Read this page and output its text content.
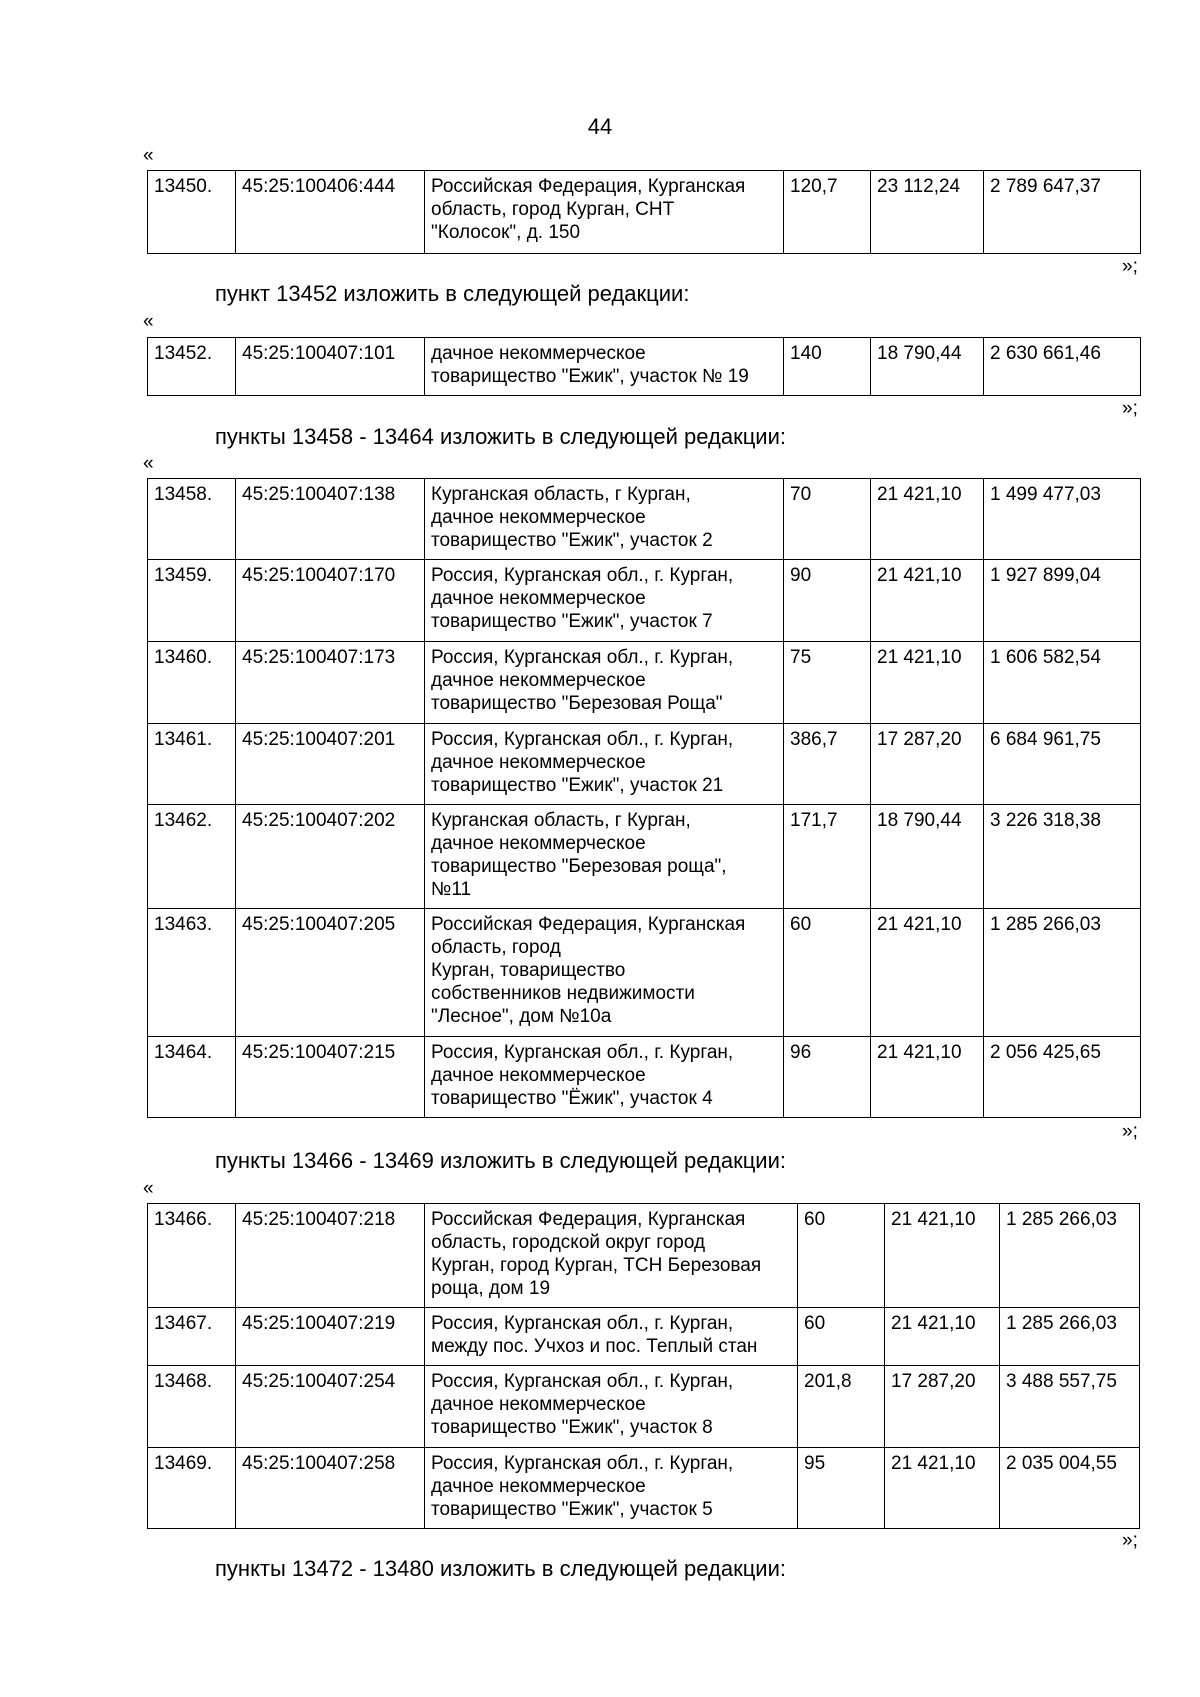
44
«
13450.	45:25:100406:444	Российская Федерация, Курганская
область, город Курган, СНТ
"Колосок", д. 150	120,7	23 112,24	2 789 647,37
»;
пункт 13452 изложить в следующей редакции:
«
13452.	45:25:100407:101	дачное некоммерческое
товарищество "Ежик", участок № 19	140	18 790,44	2 630 661,46
»;
пункты 13458 - 13464 изложить в следующей редакции:
«
13458.	45:25:100407:138	Курганская область, г Курган,
дачное некоммерческое
товарищество "Ежик", участок 2	70	21 421,10	1 499 477,03
13459.	45:25:100407:170	Россия, Курганская обл., г. Курган,
дачное некоммерческое
товарищество "Ежик", участок 7	90	21 421,10	1 927 899,04
13460.	45:25:100407:173	Россия, Курганская обл., г. Курган,
дачное некоммерческое
товарищество "Березовая Роща"	75	21 421,10	1 606 582,54
13461.	45:25:100407:201	Россия, Курганская обл., г. Курган,
дачное некоммерческое
товарищество "Ежик", участок 21	386,7	17 287,20	6 684 961,75
13462.	45:25:100407:202	Курганская область, г Курган,
дачное некоммерческое
товарищество "Березовая роща",
№11	171,7	18 790,44	3 226 318,38
13463.	45:25:100407:205	Российская Федерация, Курганская
область, город
Курган, товарищество
собственников недвижимости
"Лесное", дом №10а	60	21 421,10	1 285 266,03
13464.	45:25:100407:215	Россия, Курганская обл., г. Курган,
дачное некоммерческое
товарищество "Ёжик", участок 4	96	21 421,10	2 056 425,65
»;
пункты 13466 - 13469 изложить в следующей редакции:
«
13466.	45:25:100407:218	Российская Федерация, Курганская
область, городской округ город
Курган, город Курган, ТСН Березовая
роща, дом 19	60	21 421,10	1 285 266,03
13467.	45:25:100407:219	Россия, Курганская обл., г. Курган,
между пос. Учхоз и пос. Теплый стан	60	21 421,10	1 285 266,03
13468.	45:25:100407:254	Россия, Курганская обл., г. Курган,
дачное некоммерческое
товарищество "Ежик", участок 8	201,8	17 287,20	3 488 557,75
13469.	45:25:100407:258	Россия, Курганская обл., г. Курган,
дачное некоммерческое
товарищество "Ежик", участок 5	95	21 421,10	2 035 004,55
»;
пункты 13472 - 13480 изложить в следующей редакции:
